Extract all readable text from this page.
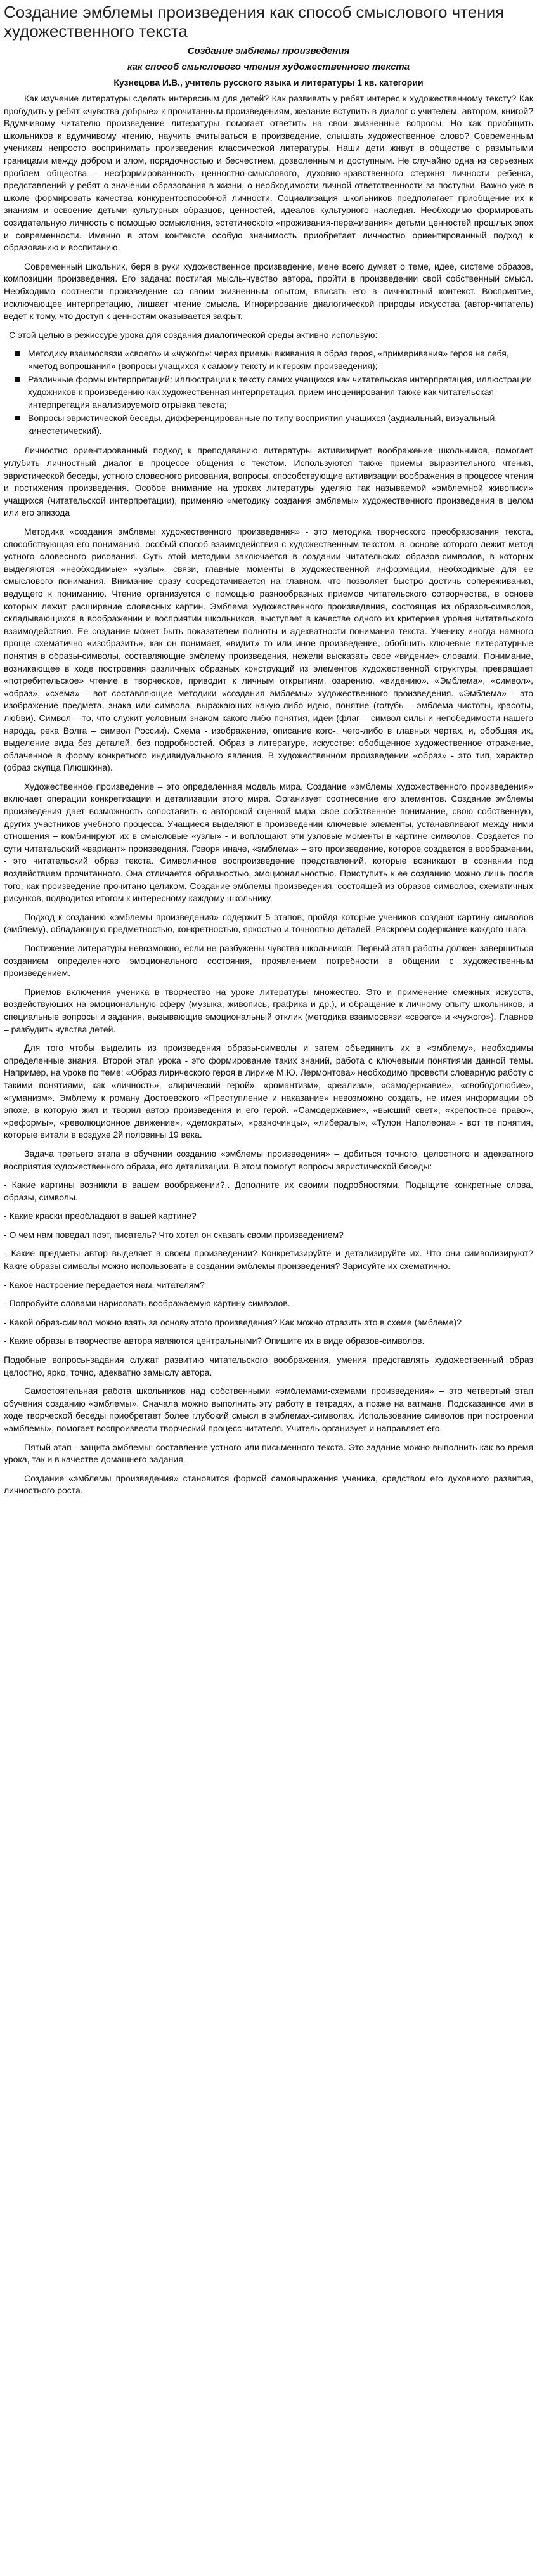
Создание эмблемы произведения как способ смыслового чтения художественного текста
Создание эмблемы произведения
как способ смыслового чтения художественного текста
Кузнецова И.В., учитель русского языка и литературы 1 кв. категории

Как изучение литературы сделать интересным для детей? Как развивать у ребят интерес к художественному тексту? Как пробудить у ребят «чувства добрые» к прочитанным произведениям, желание вступить в диалог с учителем, автором, книгой? Вдумчивому читателю произведение литературы помогает ответить на свои жизненные вопросы. Но как приобщить школьников к вдумчивому чтению, научить вчитываться в произведение, слышать художественное слово? Современным ученикам непросто воспринимать произведения классической литературы. Наши дети живут в обществе с размытыми границами между добром и злом, порядочностью и бесчестием, дозволенным и доступным. Не случайно одна из серьезных проблем общества - несформированность ценностно-смыслового, духовно-нравственного стержня личности ребенка, представлений у ребят о значении образования в жизни, о необходимости личной ответственности за поступки. Важно уже в школе формировать качества конкурентоспособной личности. Социализация школьников предполагает приобщение их к знаниям и освоение детьми культурных образцов, ценностей, идеалов культурного наследия. Необходимо формировать созидательную личность с помощью осмысления, эстетического «проживания-переживания» детьми ценностей прошлых эпох и современности. Именно в этом контексте особую значимость приобретает личностно ориентированный подход к образованию и воспитанию.

Современный школьник, беря в руки художественное произведение, мене всего думает о теме, идее, системе образов, композиции произведения. Его задача: постигая мысль-чувство автора, пройти в произведении свой собственный смысл. Необходимо соотнести произведение со своим жизненным опытом, вписать его в личностный контекст. Восприятие, исключающее интерпретацию, лишает чтение смысла. Игнорирование диалогической природы искусства (автор-читатель) ведет к тому, что доступ к ценностям оказывается закрыт.

С этой целью в режиссуре урока для создания диалогической среды активно использую:

Методику взаимосвязи «своего» и «чужого»: через приемы вживания в образ героя, «примеривания» героя на себя, «метод вопрошания» (вопросы учащихся к самому тексту и к героям произведения);
Различные формы интерпретаций: иллюстрации к тексту самих учащихся как читательская интерпретация, иллюстрации художников к произведению как художественная интерпретация, прием инсценирования также как читательская интерпретация анализируемого отрывка текста;
Вопросы эвристической беседы, дифференцированные по типу восприятия учащихся (аудиальный, визуальный, кинестетический).

Личностно ориентированный подход к преподаванию литературы активизирует воображение школьников, помогает углубить личностный диалог в процессе общения с текстом. Используются также приемы выразительного чтения, эвристической беседы, устного словесного рисования, вопросы, способствующие активизации воображения в процессе чтения и постижения произведения. Особое внимание на уроках литературы уделяю так называемой «эмблемной живописи» учащихся (читательской интерпретации), применяю «методику создания эмблемы» художественного произведения в целом или его эпизода

Методика «создания эмблемы художественного произведения» - это методика творческого преобразования текста, способствующая его пониманию, особый способ взаимодействия с художественным текстом. в. основе которого лежит метод устного словесного рисования. Суть этой методики заключается в создании читательских образов-символов, в которых выделяются «необходимые» «узлы», связи, главные моменты в художественной информации, необходимые для ее смыслового понимания. Внимание сразу сосредотачивается на главном, что позволяет быстро достичь сопереживания, ведущего к пониманию. Чтение организуется с помощью разнообразных приемов читательского сотворчества, в основе которых лежит расширение словесных картин. Эмблема художественного произведения, состоящая из образов-символов, складывающихся в воображении и восприятии школьников, выступает в качестве одного из критериев уровня читательского взаимодействия. Ее создание может быть показателем полноты и адекватности понимания текста. Ученику иногда намного проще схематично «изобразить», как он понимает, «видит» то или иное произведение, обобщить ключевые литературные понятия в образы-символы, составляющие эмблему произведения, нежели высказать свое «видение» словами. Понимание, возникающее в ходе построения различных образных конструкций из элементов художественной структуры, превращает «потребительское» чтение в творческое, приводит к личным открытиям, озарению, «видению». «Эмблема», «символ», «образ», «схема» - вот составляющие методики «создания эмблемы» художественного произведения. «Эмблема» - это изображение предмета, знака или символа, выражающих какую-либо идею, понятие (голубь – эмблема чистоты, красоты, любви). Символ – то, что служит условным знаком какого-либо понятия, идеи (флаг – символ силы и непобедимости нашего народа, река Волга – символ России). Схема - изображение, описание кого-, чего-либо в главных чертах, и, обобщая их, выделение вида без деталей, без подробностей. Образ в литературе, искусстве: обобщенное художественное отражение, облаченное в форму конкретного индивидуального явления. В художественном произведении «образ» - это тип, характер (образ скупца Плюшкина).

Художественное произведение – это определенная модель мира. Создание «эмблемы художественного произведения» включает операции конкретизации и детализации этого мира. Организует соотнесение его элементов. Создание эмблемы произведения дает возможность сопоставить с авторской оценкой мира свое собственное понимание, свою собственную, других участников учебного процесса. Учащиеся выделяют в произведении ключевые элементы, устанавливают между ними отношения – комбинируют их в смысловые «узлы» - и воплощают эти узловые моменты в картине символов. Создается по сути читательский «вариант» произведения. Говоря иначе, «эмблема» – это произведение, которое создается в воображении, - это читательский образ текста. Символичное воспроизведение представлений, которые возникают в сознании под воздействием прочитанного. Она отличается образностью, эмоциональностью. Приступить к ее созданию можно лишь после того, как произведение прочитано целиком. Создание эмблемы произведения, состоящей из образов-символов, схематичных рисунков, подводится итогом к интересному каждому школьнику.

Подход к созданию «эмблемы произведения» содержит 5 этапов, пройдя которые учеников создают картину символов (эмблему), обладающую предметностью, конкретностью, яркостью и точностью деталей. Раскроем содержание каждого шага.

Постижение литературы невозможно, если не разбужены чувства школьников. Первый этап работы должен завершиться созданием определенного эмоционального состояния, проявлением потребности в общении с художественным произведением.

Приемов включения ученика в творчество на уроке литературы множество. Это и применение смежных искусств, воздействующих на эмоциональную сферу (музыка, живопись, графика и др.), и обращение к личному опыту школьников, и специальные вопросы и задания, вызывающие эмоциональный отклик (методика взаимосвязи «своего» и «чужого»). Главное – разбудить чувства детей.

Для того чтобы выделить из произведения образы-символы и затем объединить их в «эмблему», необходимы определенные знания. Второй этап урока - это формирование таких знаний, работа с ключевыми понятиями данной темы. Например, на уроке по теме: «Образ лирического героя в лирике М.Ю. Лермонтова» необходимо провести словарную работу с такими понятиями, как «личность», «лирический герой», «романтизм», «реализм», «самодержавие», «свободолюбие», «гуманизм». Эмблему к роману Достоевского «Преступление и наказание» невозможно создать, не имея информации об эпохе, в которую жил и творил автор произведения и его герой. «Самодержавие», «высший свет», «крепостное право», «реформы», «революционное движение», «демократы», «разночинцы», «либералы», «Тулон Наполеона» - вот те понятия, которые витали в воздухе 2й половины 19 века.

Задача третьего этапа в обучении созданию «эмблемы произведения» – добиться точного, целостного и адекватного восприятия художественного образа, его детализации. В этом помогут вопросы эвристической беседы:

- Какие картины возникли в вашем воображении?.. Дополните их своими подробностями. Подыщите конкретные слова, образы, символы.

- Какие краски преобладают в вашей картине?

- О чем нам поведал поэт, писатель? Что хотел он сказать своим произведением?

- Какие предметы автор выделяет в своем произведении? Конкретизируйте и детализируйте их. Что они символизируют? Какие образы символы можно использовать в создании эмблемы произведения? Зарисуйте их схематично.

- Какое настроение передается нам, читателям?

- Попробуйте словами нарисовать воображаемую картину символов.

- Какой образ-символ можно взять за основу этого произведения? Как можно отразить это в схеме (эмблеме)?

- Какие образы в творчестве автора являются центральными? Опишите их в виде образов-символов.

Подобные вопросы-задания служат развитию читательского воображения, умения представлять художественный образ целостно, ярко, точно, адекватно замыслу автора.

Самостоятельная работа школьников над собственными «эмблемами-схемами произведения» – это четвертый этап обучения созданию «эмблемы». Сначала можно выполнить эту работу в тетрадях, а позже на ватмане. Подсказанное ими в ходе творческой беседы приобретает более глубокий смысл в эмблемах-символах. Использование символов при построении «эмблемы», помогает воспроизвести творческий процесс читателя. Учитель организует и направляет его.

Пятый этап - защита эмблемы: составление устного или письменного текста. Это задание можно выполнить как во время урока, так и в качестве домашнего задания.

Создание «эмблемы произведения» становится формой самовыражения ученика, средством его духовного развития, личностного роста.
